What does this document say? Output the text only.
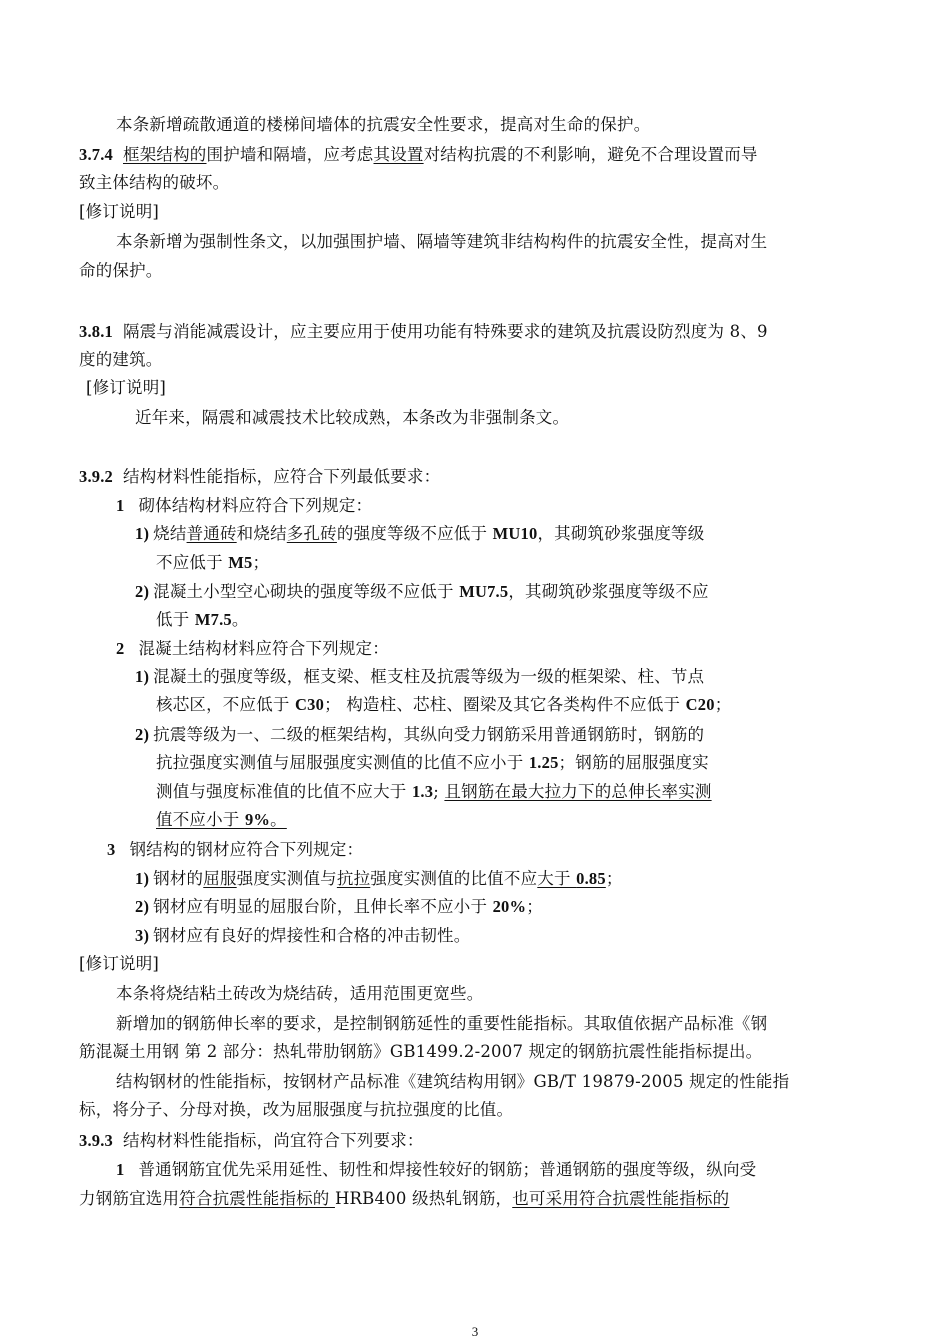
本条新增疏散通道的楼梯间墙体的抗震安全性要求，提高对生命的保护。
3.7.4 框架结构的围护墙和隔墙，应考虑其设置对结构抗震的不利影响，避免不合理设置而导
致主体结构的破坏。
[修订说明]
本条新增为强制性条文，以加强围护墙、隔墙等建筑非结构构件的抗震安全性，提高对生
命的保护。
3.8.1 隔震与消能减震设计，应主要应用于使用功能有特殊要求的建筑及抗震设防烈度为 8、9
度的建筑。
[修订说明]
近年来，隔震和减震技术比较成熟，本条改为非强制条文。
3.9.2 结构材料性能指标，应符合下列最低要求：
1 砌体结构材料应符合下列规定：
1) 烧结普通砖和烧结多孔砖的强度等级不应低于 MU10，其砌筑砂浆强度等级
不应低于 M5；
2) 混凝土小型空心砌块的强度等级不应低于 MU7.5，其砌筑砂浆强度等级不应
低于 M7.5。
2 混凝土结构材料应符合下列规定：
1) 混凝土的强度等级，框支梁、框支柱及抗震等级为一级的框架梁、柱、节点
核芯区，不应低于 C30； 构造柱、芯柱、圈梁及其它各类构件不应低于 C20；
2) 抗震等级为一、二级的框架结构，其纵向受力钢筋采用普通钢筋时，钢筋的
抗拉强度实测值与屈服强度实测值的比值不应小于 1.25；钢筋的屈服强度实
测值与强度标准值的比值不应大于 1.3; 且钢筋在最大拉力下的总伸长率实测
值不应小于 9%。
3 钢结构的钢材应符合下列规定：
1) 钢材的屈服强度实测值与抗拉强度实测值的比值不应大于 0.85；
2) 钢材应有明显的屈服台阶，且伸长率不应小于 20%；
3) 钢材应有良好的焊接性和合格的冲击韧性。
[修订说明]
本条将烧结粘土砖改为烧结砖，适用范围更宽些。
新增加的钢筋伸长率的要求，是控制钢筋延性的重要性能指标。其取值依据产品标准《钢
筋混凝土用钢 第 2 部分：热轧带肋钢筋》GB1499.2-2007 规定的钢筋抗震性能指标提出。
结构钢材的性能指标，按钢材产品标准《建筑结构用钢》GB/T 19879-2005 规定的性能指
标，将分子、分母对换，改为屈服强度与抗拉强度的比值。
3.9.3 结构材料性能指标，尚宜符合下列要求：
1 普通钢筋宜优先采用延性、韧性和焊接性较好的钢筋；普通钢筋的强度等级，纵向受
力钢筋宜选用符合抗震性能指标的 HRB400 级热轧钢筋，也可采用符合抗震性能指标的
3
